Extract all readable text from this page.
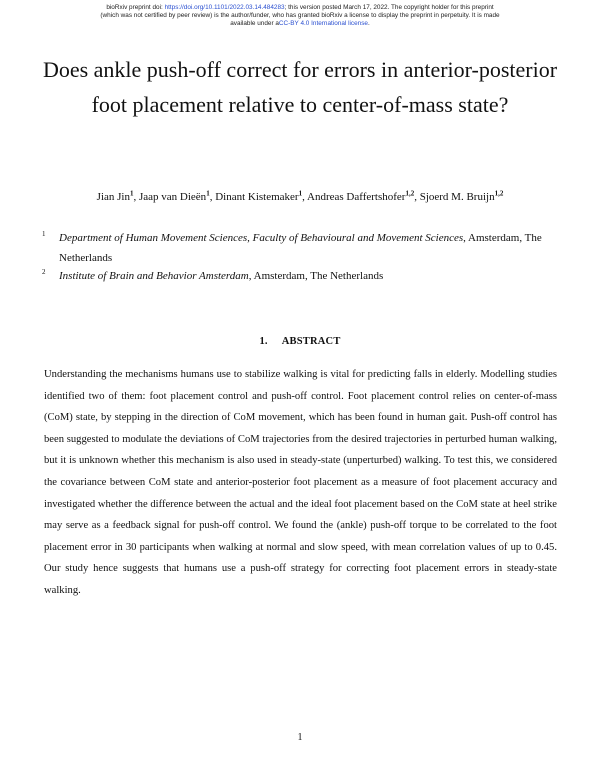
bioRxiv preprint doi: https://doi.org/10.1101/2022.03.14.484283; this version posted March 17, 2022. The copyright holder for this preprint
(which was not certified by peer review) is the author/funder, who has granted bioRxiv a license to display the preprint in perpetuity. It is made
available under aCC-BY 4.0 International license.
Does ankle push-off correct for errors in anterior-posterior foot placement relative to center-of-mass state?
Jian Jin$^1$, Jaap van Dieën$^1$, Dinant Kistemaker$^1$, Andreas Daffertshofer$^{1,2}$, Sjoerd M. Bruijn$^{1,2}$
1	Department of Human Movement Sciences, Faculty of Behavioural and Movement Sciences, Amsterdam, The Netherlands
2	Institute of Brain and Behavior Amsterdam, Amsterdam, The Netherlands
1. ABSTRACT

Understanding the mechanisms humans use to stabilize walking is vital for predicting falls in elderly. Modelling studies identified two of them: foot placement control and push-off control. Foot placement control relies on center-of-mass (CoM) state, by stepping in the direction of CoM movement, which has been found in human gait. Push-off control has been suggested to modulate the deviations of CoM trajectories from the desired trajectories in perturbed human walking, but it is unknown whether this mechanism is also used in steady-state (unperturbed) walking. To test this, we considered the covariance between CoM state and anterior-posterior foot placement as a measure of foot placement accuracy and investigated whether the difference between the actual and the ideal foot placement based on the CoM state at heel strike may serve as a feedback signal for push-off control. We found the (ankle) push-off torque to be correlated to the foot placement error in 30 participants when walking at normal and slow speed, with mean correlation values of up to 0.45. Our study hence suggests that humans use a push-off strategy for correcting foot placement errors in steady-state walking.

1
